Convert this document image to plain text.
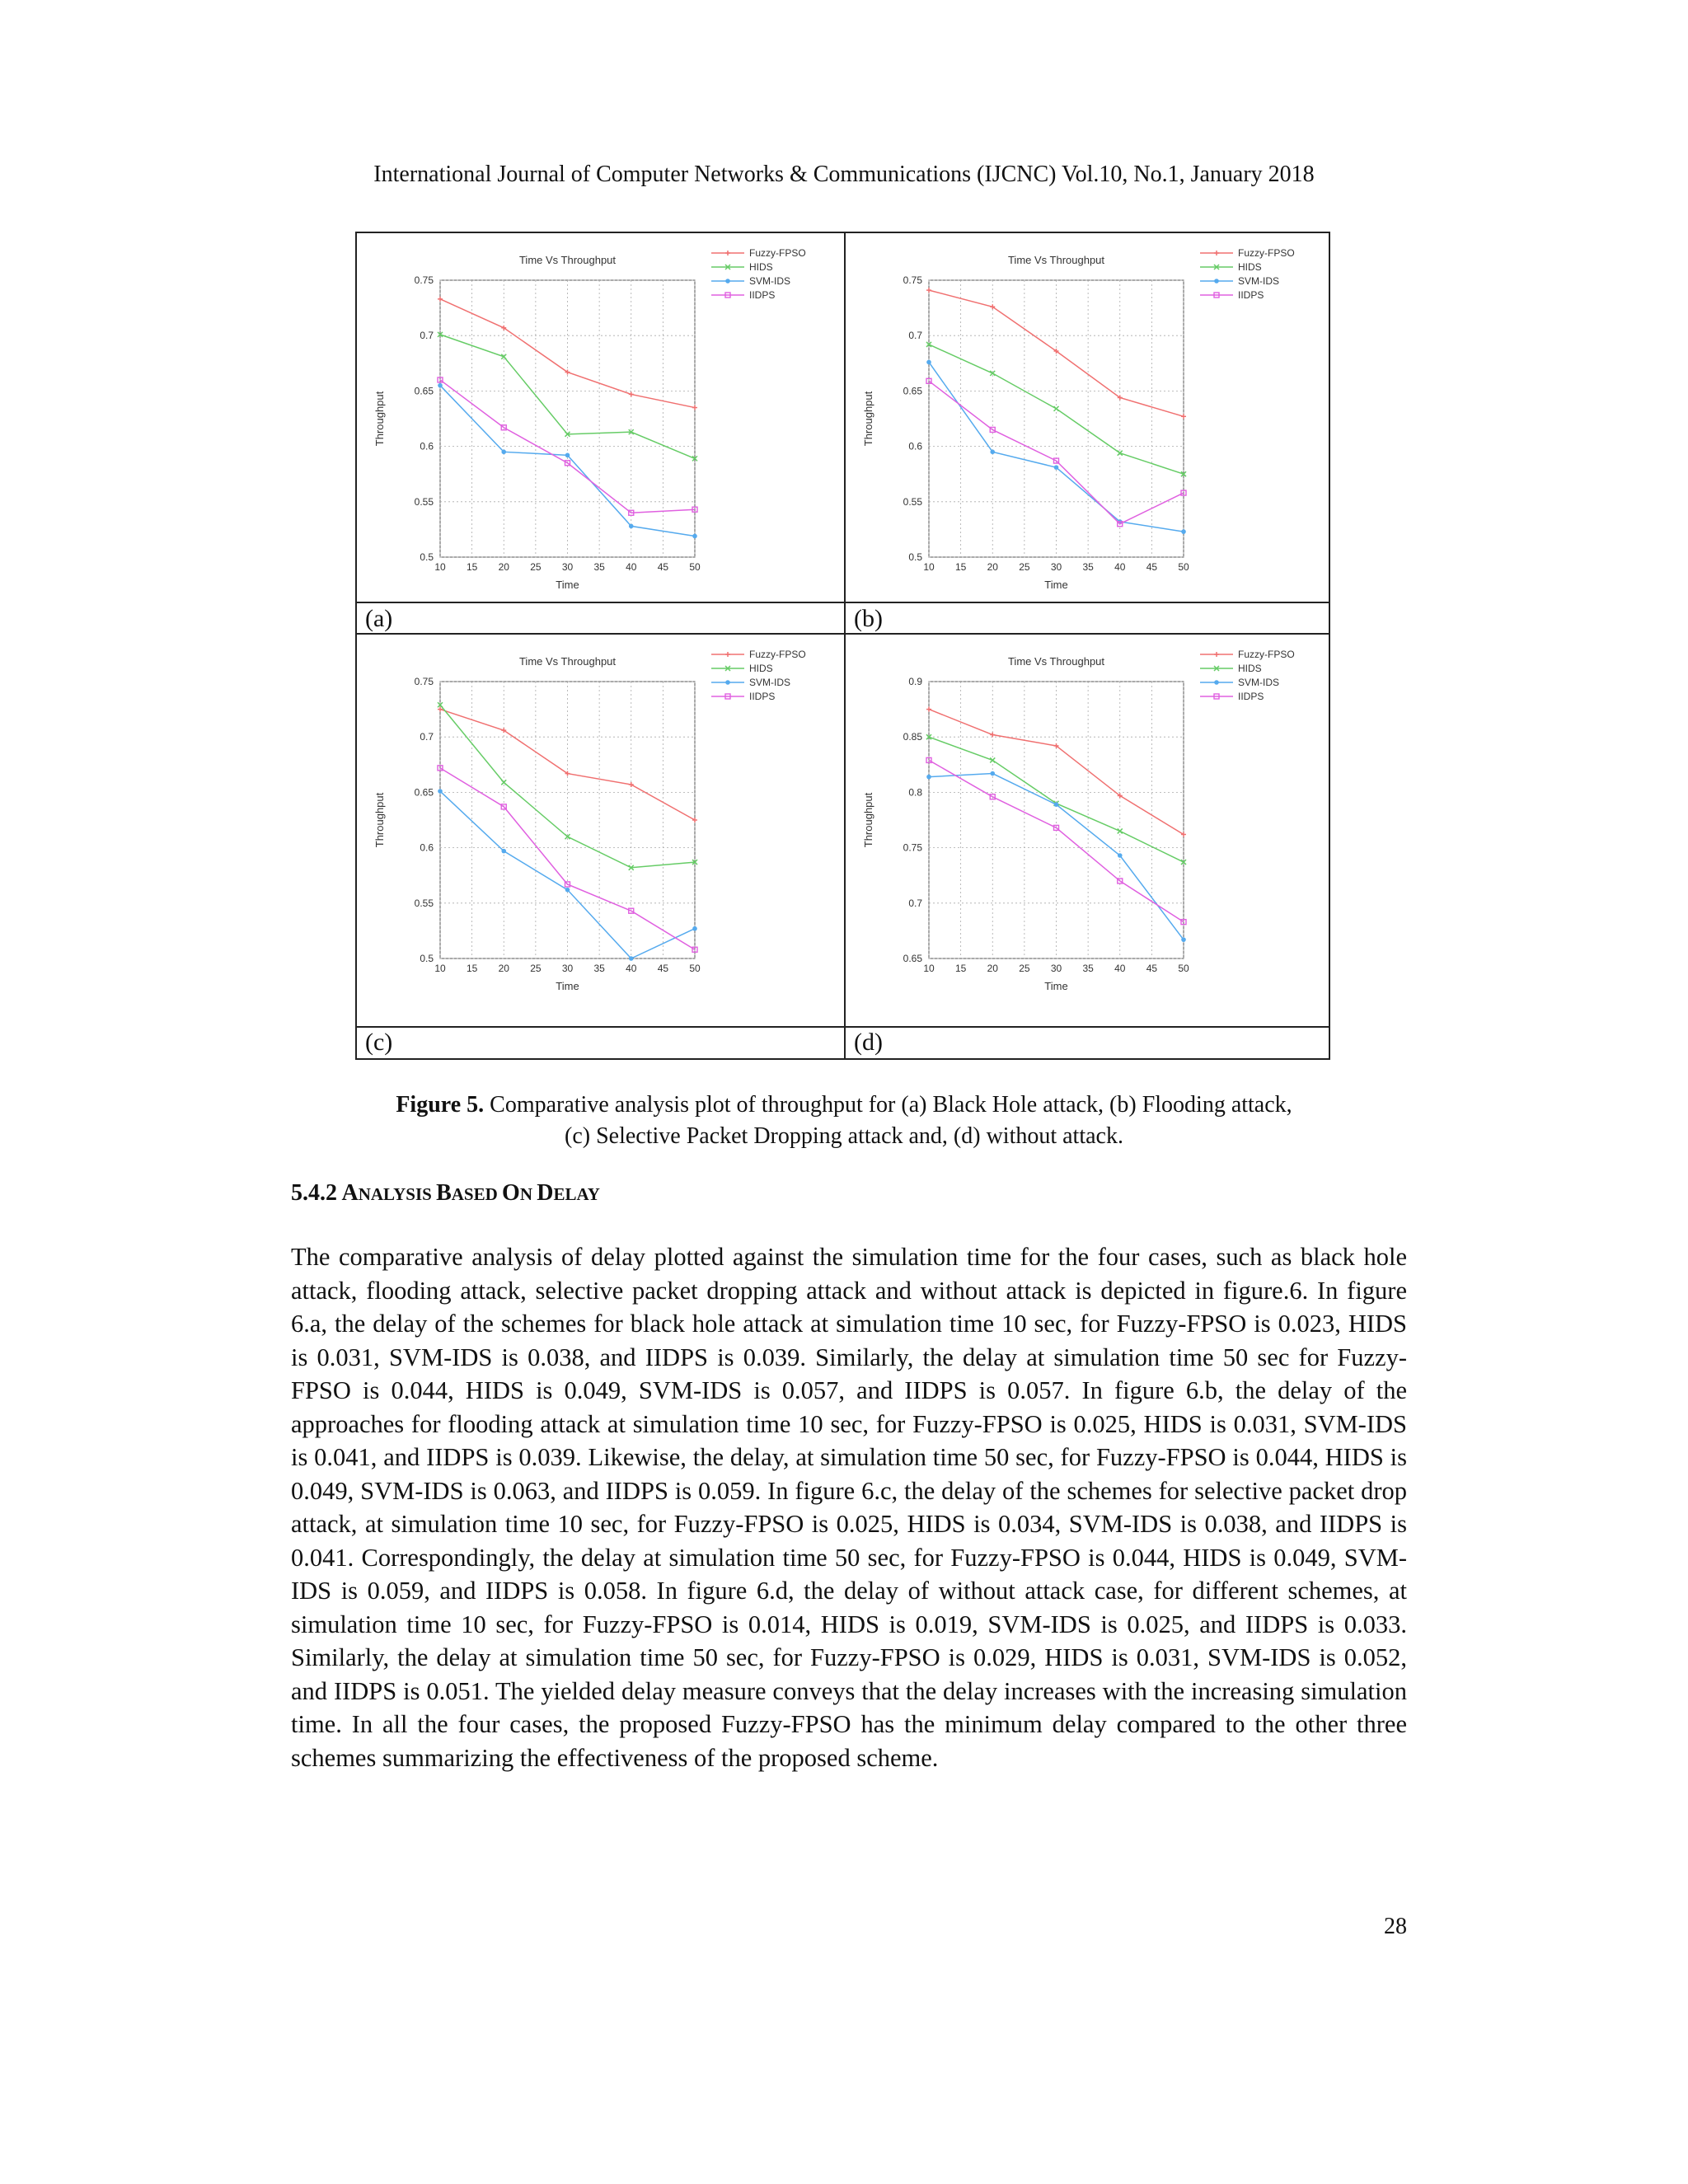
International Journal of Computer Networks & Communications (IJCNC) Vol.10, No.1, January 2018
10 15 20 25 30 35 40 45 50
0.5
0.55
0.6
0.65
0.7
0.75
Time Vs Throughput
Time
Throughput
Fuzzy-FPSO
HIDS
SVM-IDS
IIDPS
10 15 20 25 30 35 40 45 50
0.5
0.55
0.6
0.65
0.7
0.75
Time Vs Throughput
Time
Throughput
Fuzzy-FPSO
HIDS
SVM-IDS
IIDPS
10 15 20 25 30 35 40 45 50
0.5
0.55
0.6
0.65
0.7
0.75
Time Vs Throughput
Time
Throughput
Fuzzy-FPSO
HIDS
SVM-IDS
IIDPS
10 15 20 25 30 35 40 45 50
0.65
0.7
0.75
0.8
0.85
0.9
Time Vs Throughput
Time
Throughput
Fuzzy-FPSO
HIDS
SVM-IDS
IIDPS
(a)	(b)
(c)	(d)
Figure 5. Comparative analysis plot of throughput for (a) Black Hole attack, (b) Flooding attack,
(c) Selective Packet Dropping attack and, (d) without attack.
5.4.2 ANALYSIS BASED ON DELAY
The comparative analysis of delay plotted against the simulation time for the four cases, such as black hole attack, flooding attack, selective packet dropping attack and without attack is depicted in figure.6. In figure 6.a, the delay of the schemes for black hole attack at simulation time 10 sec, for Fuzzy-FPSO is 0.023, HIDS is 0.031, SVM-IDS is 0.038, and IIDPS is 0.039. Similarly, the delay at simulation time 50 sec for Fuzzy-FPSO is 0.044, HIDS is 0.049, SVM-IDS is 0.057, and IIDPS is 0.057. In figure 6.b, the delay of the approaches for flooding attack at simulation time 10 sec, for Fuzzy-FPSO is 0.025, HIDS is 0.031, SVM-IDS is 0.041, and IIDPS is 0.039. Likewise, the delay, at simulation time 50 sec, for Fuzzy-FPSO is 0.044, HIDS is 0.049, SVM-IDS is 0.063, and IIDPS is 0.059. In figure 6.c, the delay of the schemes for selective packet drop attack, at simulation time 10 sec, for Fuzzy-FPSO is 0.025, HIDS is 0.034, SVM-IDS is 0.038, and IIDPS is 0.041. Correspondingly, the delay at simulation time 50 sec, for Fuzzy-FPSO is 0.044, HIDS is 0.049, SVM-IDS is 0.059, and IIDPS is 0.058. In figure 6.d, the delay of without attack case, for different schemes, at simulation time 10 sec, for Fuzzy-FPSO is 0.014, HIDS is 0.019, SVM-IDS is 0.025, and IIDPS is 0.033. Similarly, the delay at simulation time 50 sec, for Fuzzy-FPSO is 0.029, HIDS is 0.031, SVM-IDS is 0.052, and IIDPS is 0.051. The yielded delay measure conveys that the delay increases with the increasing simulation time. In all the four cases, the proposed Fuzzy-FPSO has the minimum delay compared to the other three schemes summarizing the effectiveness of the proposed scheme.
28
